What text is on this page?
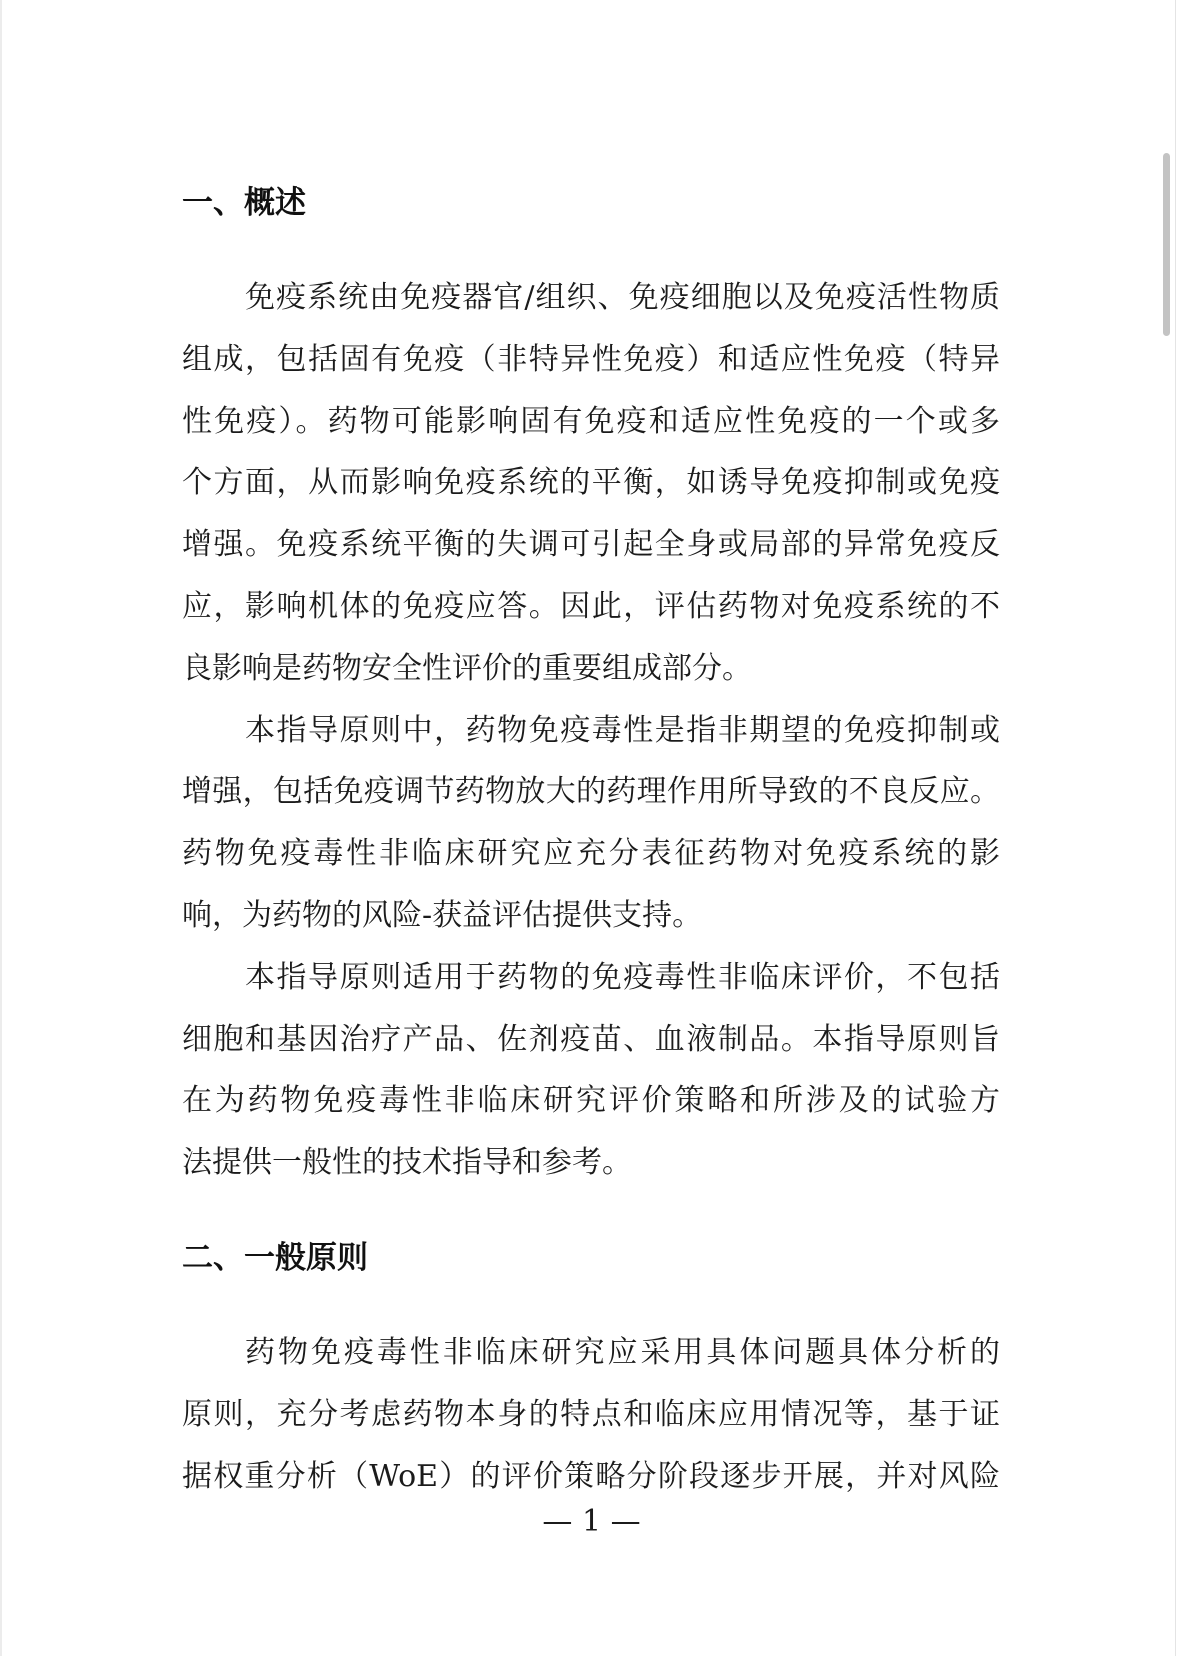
一、概述
免疫系统由免疫器官/组织、免疫细胞以及免疫活性物质
组成，包括固有免疫（非特异性免疫）和适应性免疫（特异
性免疫）。药物可能影响固有免疫和适应性免疫的一个或多
个方面，从而影响免疫系统的平衡，如诱导免疫抑制或免疫
增强。免疫系统平衡的失调可引起全身或局部的异常免疫反
应，影响机体的免疫应答。因此，评估药物对免疫系统的不
良影响是药物安全性评价的重要组成部分。
本指导原则中，药物免疫毒性是指非期望的免疫抑制或
增强，包括免疫调节药物放大的药理作用所导致的不良反应。
药物免疫毒性非临床研究应充分表征药物对免疫系统的影
响，为药物的风险-获益评估提供支持。
本指导原则适用于药物的免疫毒性非临床评价，不包括
细胞和基因治疗产品、佐剂疫苗、血液制品。本指导原则旨
在为药物免疫毒性非临床研究评价策略和所涉及的试验方
法提供一般性的技术指导和参考。
二、一般原则
药物免疫毒性非临床研究应采用具体问题具体分析的
原则，充分考虑药物本身的特点和临床应用情况等，基于证
据权重分析（WoE）的评价策略分阶段逐步开展，并对风险
— 1 —
